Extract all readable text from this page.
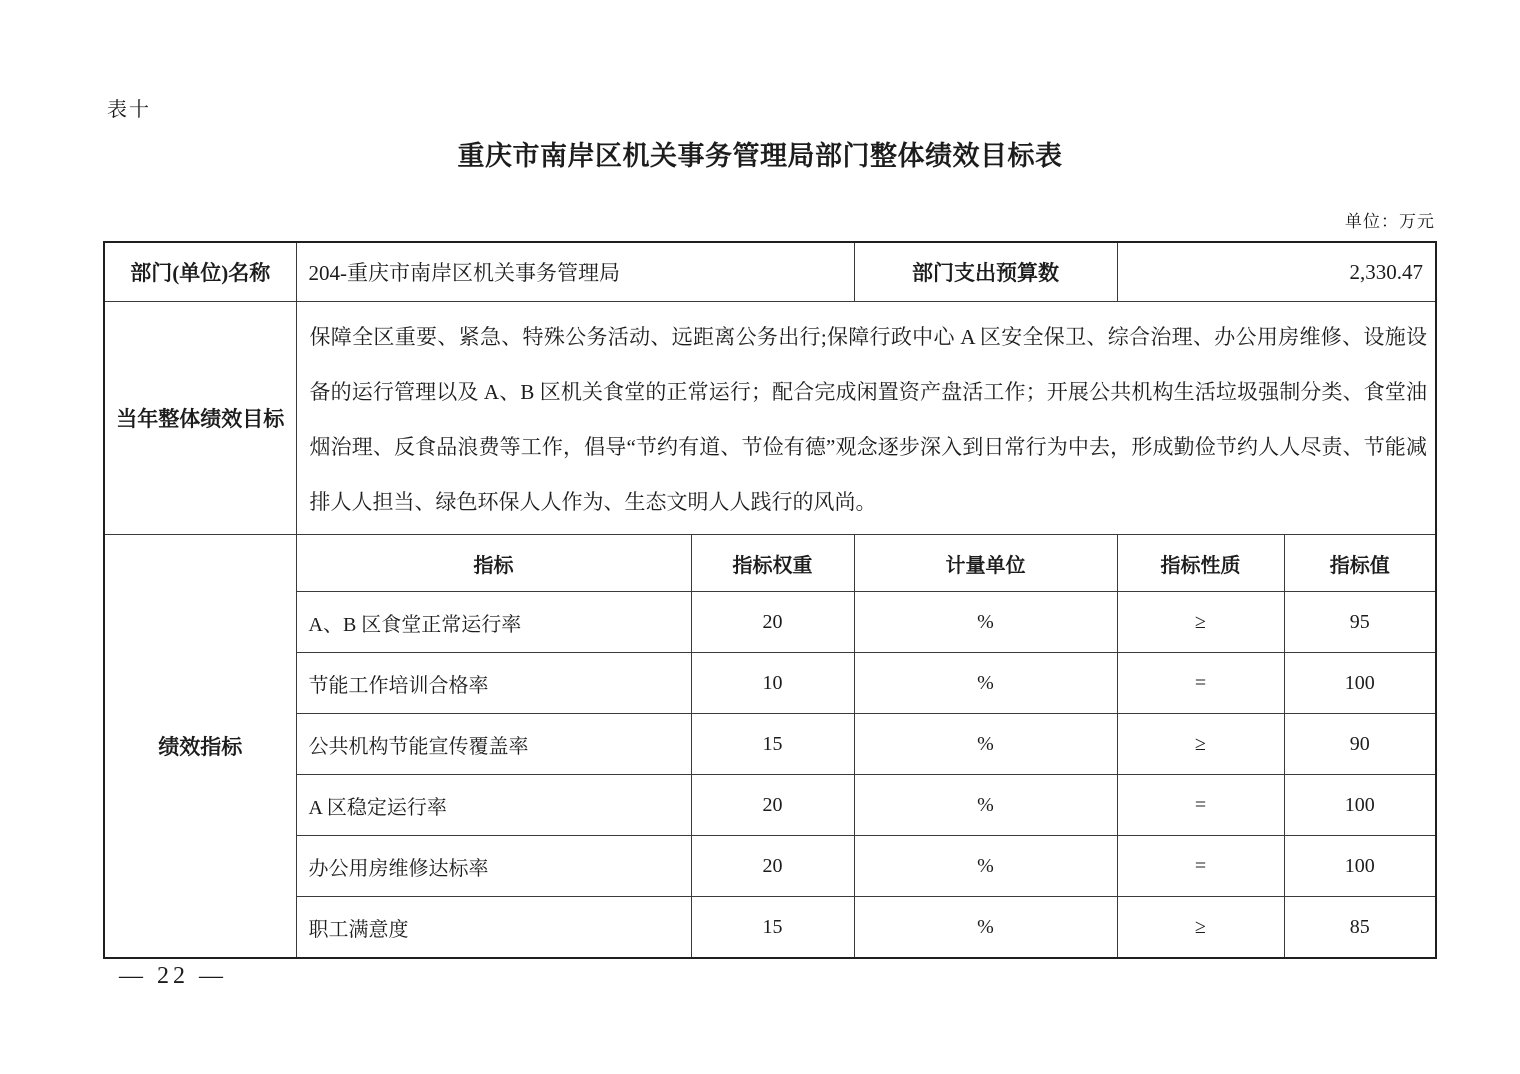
表十
重庆市南岸区机关事务管理局部门整体绩效目标表
单位：万元
部门(单位)名称	204-重庆市南岸区机关事务管理局		部门支出预算数	2,330.47	
当年整体绩效目标	保障全区重要、紧急、特殊公务活动、远距离公务出行;保障行政中心 A 区安全保卫、综合治理、办公用房维修、设施设备的运行管理以及 A、B 区机关食堂的正常运行；配合完成闲置资产盘活工作；开展公共机构生活垃圾强制分类、食堂油烟治理、反食品浪费等工作，倡导“节约有道、节俭有德”观念逐步深入到日常行为中去，形成勤俭节约人人尽责、节能减排人人担当、绿色环保人人作为、生态文明人人践行的风尚。				
绩效指标	指标	指标权重	计量单位	指标性质	指标值
	A、B 区食堂正常运行率	20	%	≥	95
	节能工作培训合格率	10	%	=	100
	公共机构节能宣传覆盖率	15	%	≥	90
	A 区稳定运行率	20	%	=	100
	办公用房维修达标率	20	%	=	100
	职工满意度	15	%	≥	85
— 22 —
